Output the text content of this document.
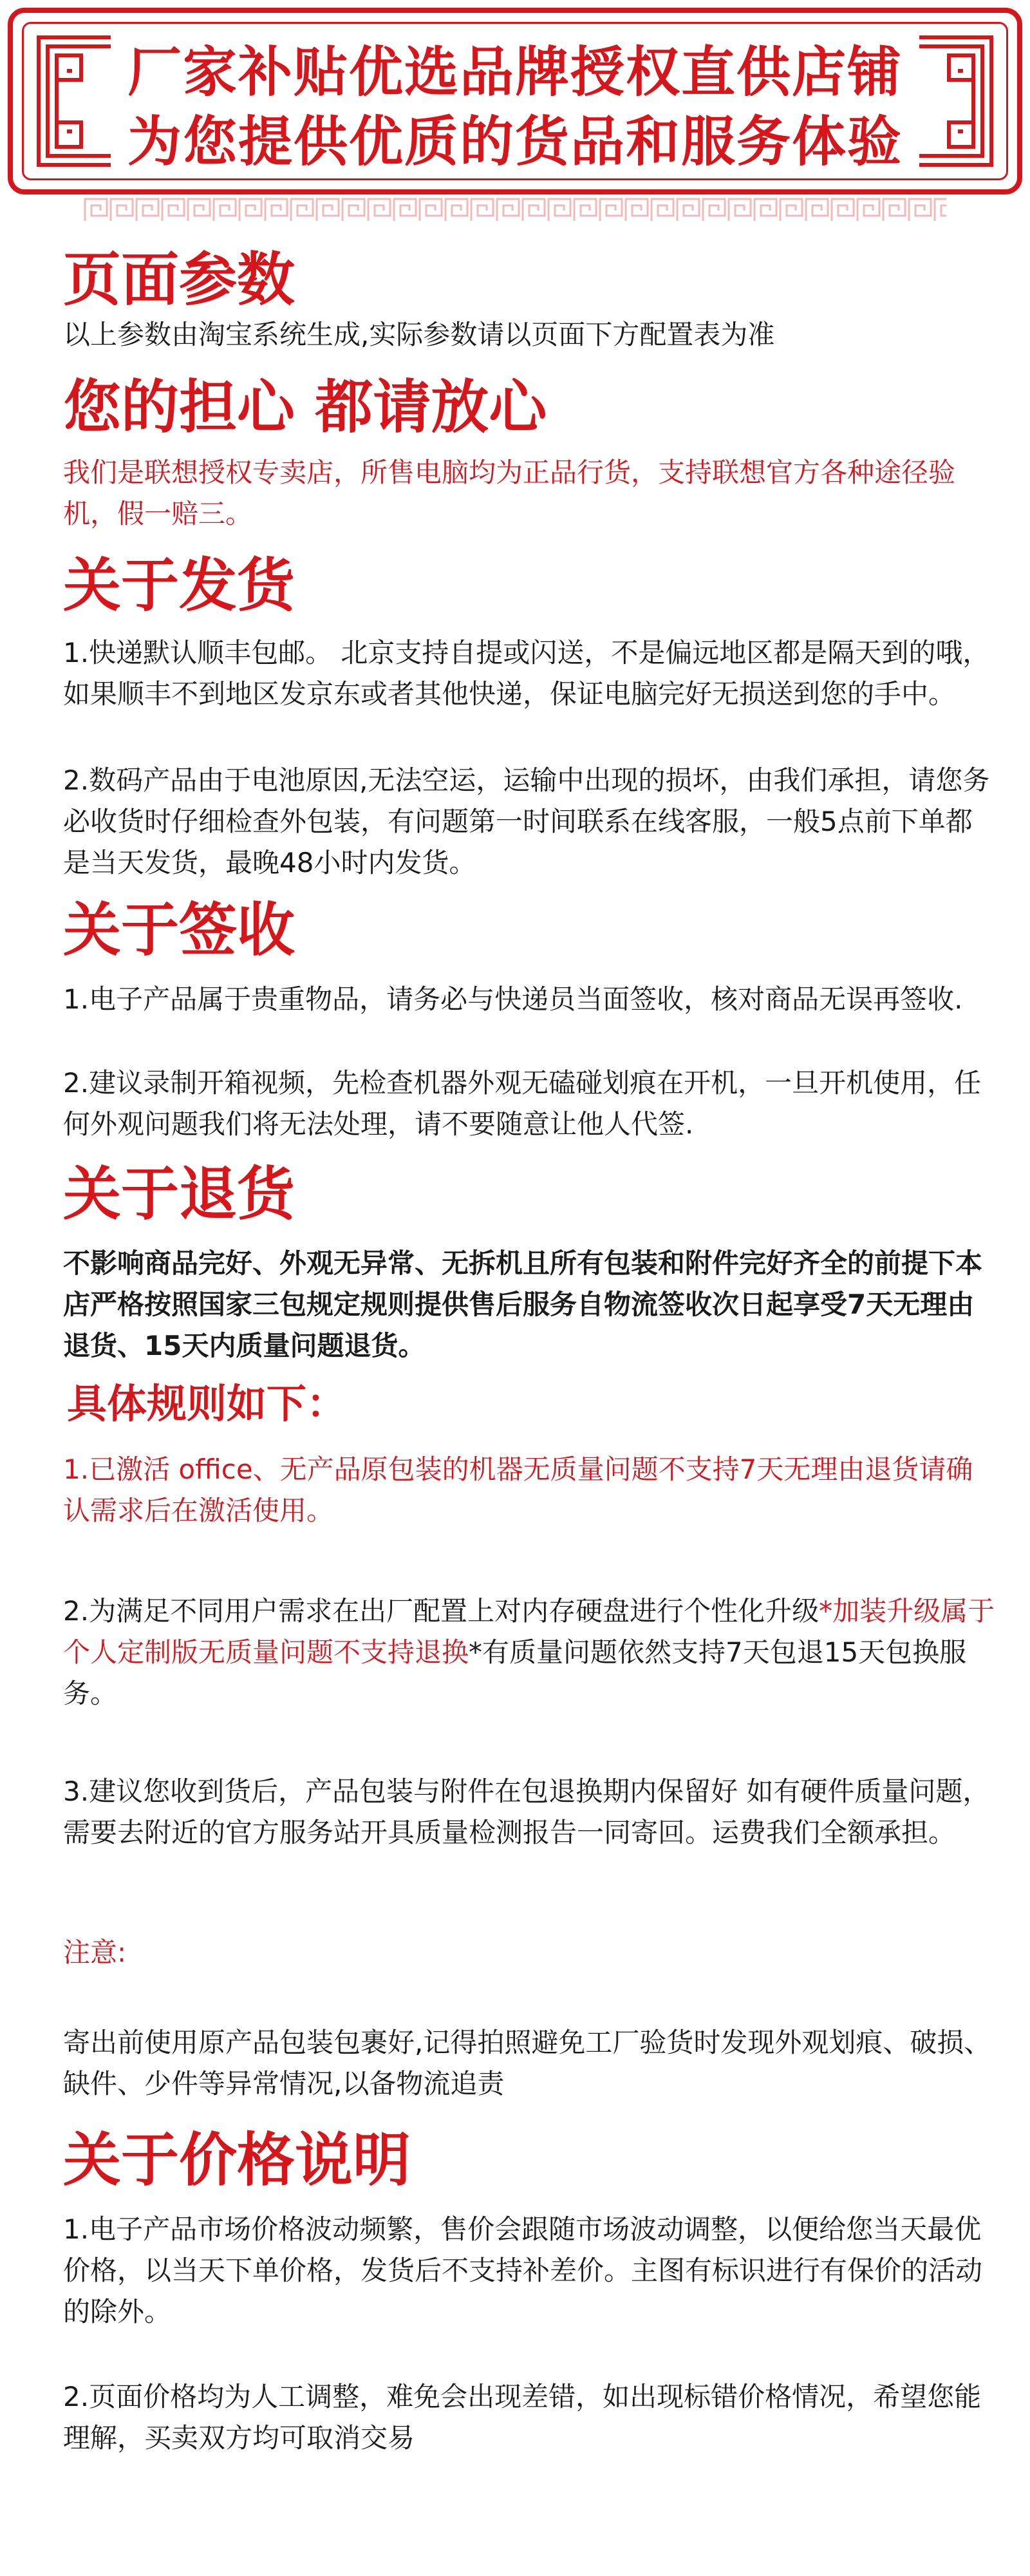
厂家补贴优选品牌授权直供店铺
为您提供优质的货品和服务体验
页面参数
以上参数由淘宝系统生成,实际参数请以页面下方配置表为准
您的担心 都请放心
我们是联想授权专卖店，所售电脑均为正品行货，支持联想官方各种途径验机，假一赔三。
关于发货
1.快递默认顺丰包邮。 北京支持自提或闪送，不是偏远地区都是隔天到的哦，如果顺丰不到地区发京东或者其他快递，保证电脑完好无损送到您的手中。
2.数码产品由于电池原因,无法空运，运输中出现的损坏，由我们承担，请您务必收货时仔细检查外包装，有问题第一时间联系在线客服，一般5点前下单都是当天发货，最晚48小时内发货。
关于签收
1.电子产品属于贵重物品，请务必与快递员当面签收，核对商品无误再签收.
2.建议录制开箱视频，先检查机器外观无磕碰划痕在开机，一旦开机使用，任何外观问题我们将无法处理，请不要随意让他人代签.
关于退货
不影响商品完好、外观无异常、无拆机且所有包装和附件完好齐全的前提下本店严格按照国家三包规定规则提供售后服务自物流签收次日起享受7天无理由退货、15天内质量问题退货。
具体规则如下：
1.已激活 office、无产品原包装的机器无质量问题不支持7天无理由退货请确认需求后在激活使用。
2.为满足不同用户需求在出厂配置上对内存硬盘进行个性化升级*加装升级属于个人定制版无质量问题不支持退换*有质量问题依然支持7天包退15天包换服务。
3.建议您收到货后，产品包装与附件在包退换期内保留好 如有硬件质量问题，需要去附近的官方服务站开具质量检测报告一同寄回。运费我们全额承担。
注意:
寄出前使用原产品包装包裹好,记得拍照避免工厂验货时发现外观划痕、破损、缺件、少件等异常情况,以备物流追责
关于价格说明
1.电子产品市场价格波动频繁，售价会跟随市场波动调整，以便给您当天最优价格，以当天下单价格，发货后不支持补差价。主图有标识进行有保价的活动的除外。
2.页面价格均为人工调整，难免会出现差错，如出现标错价格情况，希望您能理解，买卖双方均可取消交易
